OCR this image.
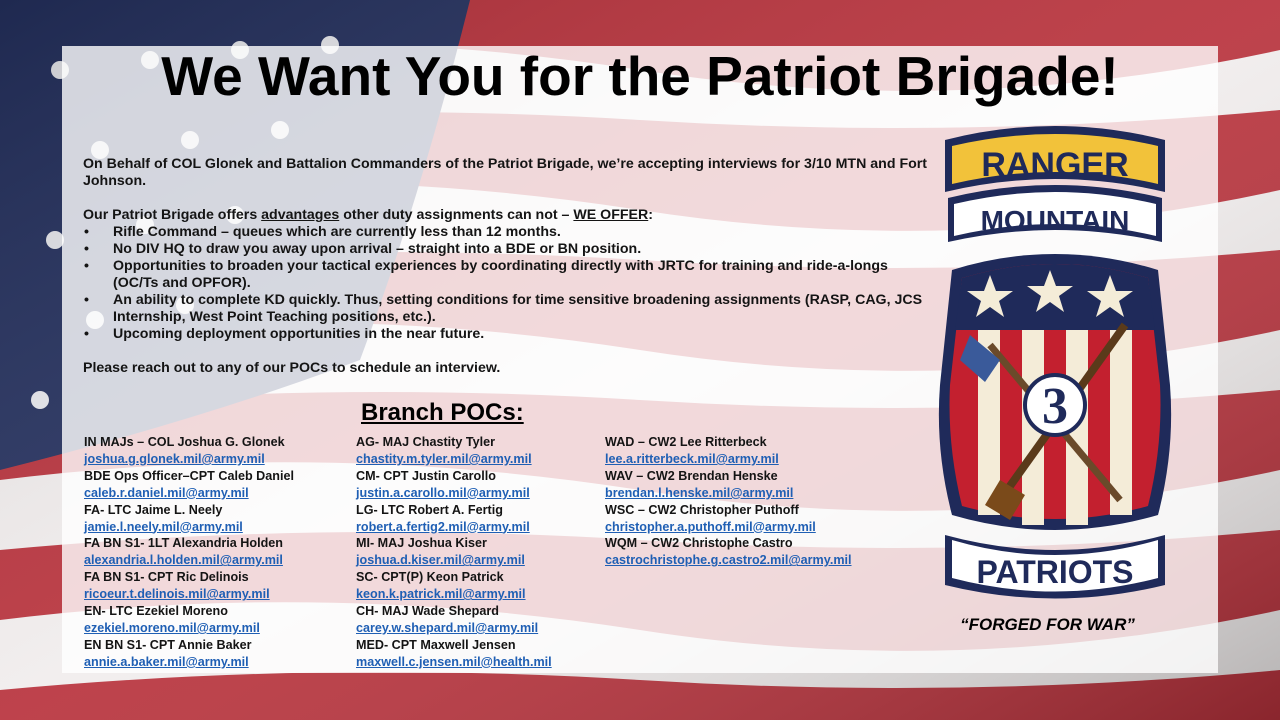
We Want You for the Patriot Brigade!

On Behalf of COL Glonek and Battalion Commanders of the Patriot Brigade, we’re accepting interviews for 3/10 MTN and Fort Johnson.

Our Patriot Brigade offers advantages other duty assignments can not – WE OFFER:

• Rifle Command – queues which are currently less than 12 months.
• No DIV HQ to draw you away upon arrival – straight into a BDE or BN position.
• Opportunities to broaden your tactical experiences by coordinating directly with JRTC for training and ride-a-longs (OC/Ts and OPFOR).
• An ability to complete KD quickly. Thus, setting conditions for time sensitive broadening assignments (RASP, CAG, JCS Internship, West Point Teaching positions, etc.).
• Upcoming deployment opportunities in the near future.

Please reach out to any of our POCs to schedule an interview.

Branch POCs:
IN MAJs – COL Joshua G. Glonek
joshua.g.glonek.mil@army.mil
BDE Ops Officer–CPT Caleb Daniel
caleb.r.daniel.mil@army.mil
FA- LTC Jaime L. Neely
jamie.l.neely.mil@army.mil
FA BN S1- 1LT Alexandria Holden
alexandria.l.holden.mil@army.mil
FA BN S1- CPT Ric Delinois
ricoeur.t.delinois.mil@army.mil
EN- LTC Ezekiel Moreno
ezekiel.moreno.mil@army.mil
EN BN S1- CPT Annie Baker
annie.a.baker.mil@army.mil
AG- MAJ Chastity Tyler
chastity.m.tyler.mil@army.mil
CM- CPT Justin Carollo
justin.a.carollo.mil@army.mil
LG- LTC Robert A. Fertig
robert.a.fertig2.mil@army.mil
MI- MAJ Joshua Kiser
joshua.d.kiser.mil@army.mil
SC- CPT(P) Keon Patrick
keon.k.patrick.mil@army.mil
CH- MAJ Wade Shepard
carey.w.shepard.mil@army.mil
MED- CPT Maxwell Jensen
maxwell.c.jensen.mil@health.mil
WAD – CW2 Lee Ritterbeck
lee.a.ritterbeck.mil@army.mil
WAV – CW2 Brendan Henske
brendan.l.henske.mil@army.mil
WSC – CW2 Christopher Puthoff
christopher.a.puthoff.mil@army.mil
WQM – CW2 Christophe Castro
castrochristophe.g.castro2.mil@army.mil
RANGER
MOUNTAIN
3
PATRIOTS
“FORGED FOR WAR”
